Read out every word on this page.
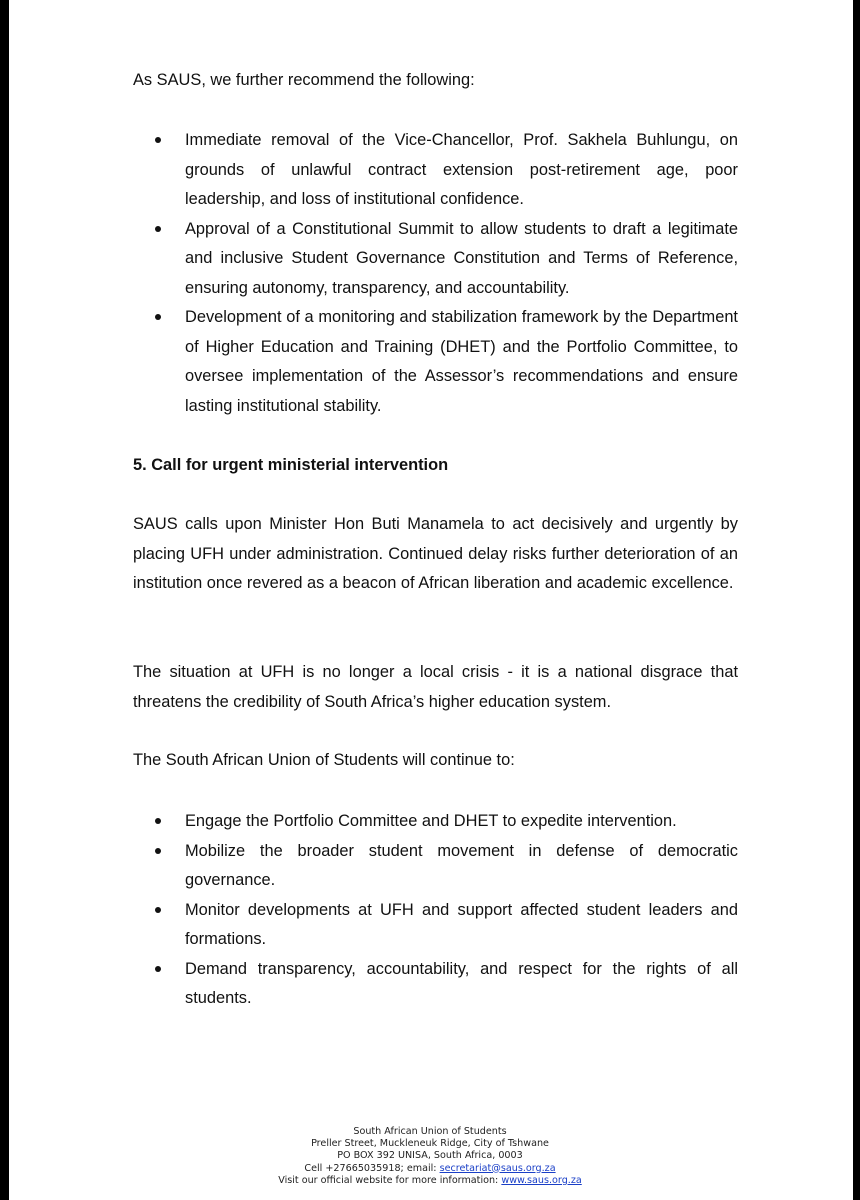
As SAUS, we further recommend the following:

Immediate removal of the Vice-Chancellor, Prof. Sakhela Buhlungu, on grounds of unlawful contract extension post-retirement age, poor leadership, and loss of institutional confidence.
Approval of a Constitutional Summit to allow students to draft a legitimate and inclusive Student Governance Constitution and Terms of Reference, ensuring autonomy, transparency, and accountability.
Development of a monitoring and stabilization framework by the Department of Higher Education and Training (DHET) and the Portfolio Committee, to oversee implementation of the Assessor’s recommendations and ensure lasting institutional stability.

5. Call for urgent ministerial intervention

SAUS calls upon Minister Hon Buti Manamela to act decisively and urgently by placing UFH under administration. Continued delay risks further deterioration of an institution once revered as a beacon of African liberation and academic excellence.

The situation at UFH is no longer a local crisis - it is a national disgrace that threatens the credibility of South Africa’s higher education system.

The South African Union of Students will continue to:

Engage the Portfolio Committee and DHET to expedite intervention.
Mobilize the broader student movement in defense of democratic governance.
Monitor developments at UFH and support affected student leaders and formations.
Demand transparency, accountability, and respect for the rights of all students.
South African Union of Students
Preller Street, Muckleneuk Ridge, City of Tshwane
PO BOX 392 UNISA, South Africa, 0003
Cell +27665035918; email: secretariat@saus.org.za
Visit our official website for more information: www.saus.org.za
